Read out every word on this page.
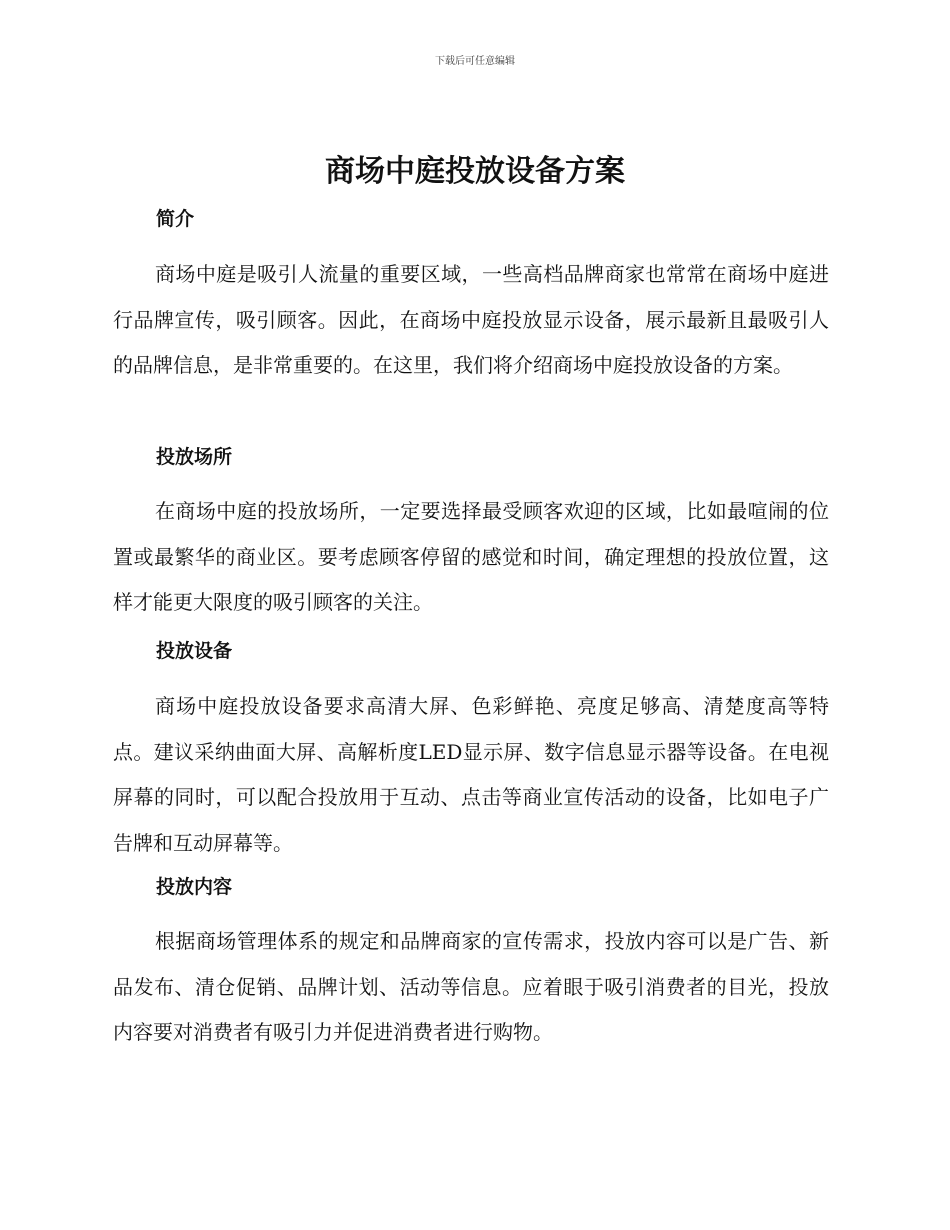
下载后可任意编辑
商场中庭投放设备方案
简介

商场中庭是吸引人流量的重要区域，一些高档品牌商家也常常在商场中庭进行品牌宣传，吸引顾客。因此，在商场中庭投放显示设备，展示最新且最吸引人的品牌信息，是非常重要的。在这里，我们将介绍商场中庭投放设备的方案。

投放场所

在商场中庭的投放场所，一定要选择最受顾客欢迎的区域，比如最喧闹的位置或最繁华的商业区。要考虑顾客停留的感觉和时间，确定理想的投放位置，这样才能更大限度的吸引顾客的关注。

投放设备

商场中庭投放设备要求高清大屏、色彩鲜艳、亮度足够高、清楚度高等特点。建议采纳曲面大屏、高解析度LED显示屏、数字信息显示器等设备。在电视屏幕的同时，可以配合投放用于互动、点击等商业宣传活动的设备，比如电子广告牌和互动屏幕等。

投放内容

根据商场管理体系的规定和品牌商家的宣传需求，投放内容可以是广告、新品发布、清仓促销、品牌计划、活动等信息。应着眼于吸引消费者的目光，投放内容要对消费者有吸引力并促进消费者进行购物。
